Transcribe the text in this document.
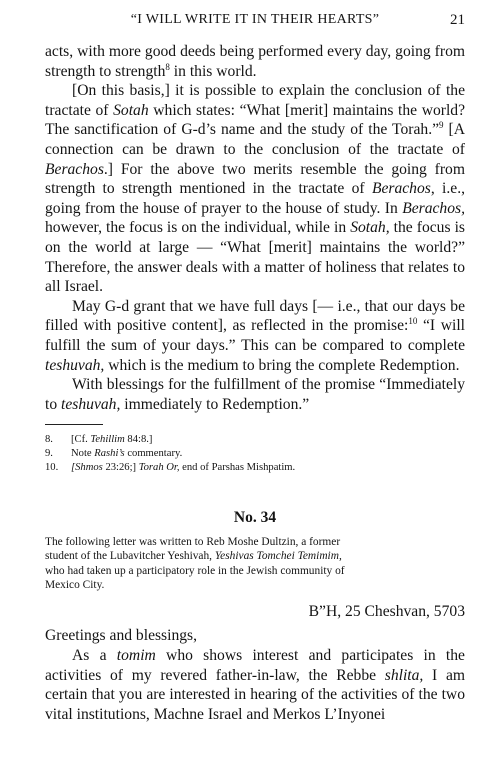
“I WILL WRITE IT IN THEIR HEARTS”	21

acts, with more good deeds being performed every day, going from strength to strength$^8$ in this world.

[On this basis,] it is possible to explain the conclusion of the tractate of Sotah which states: “What [merit] maintains the world? The sanctification of G-d’s name and the study of the Torah.”$^9$ [A connection can be drawn to the conclusion of the tractate of Berachos.] For the above two merits resemble the going from strength to strength mentioned in the tractate of Berachos, i.e., going from the house of prayer to the house of study. In Berachos, however, the focus is on the individual, while in Sotah, the focus is on the world at large — “What [merit] maintains the world?” Therefore, the answer deals with a matter of holiness that relates to all Israel.

May G-d grant that we have full days [— i.e., that our days be filled with positive content], as reflected in the promise:$^{10}$ “I will fulfill the sum of your days.” This can be compared to complete teshuvah, which is the medium to bring the complete Redemption.

With blessings for the fulfillment of the promise “Immediately to teshuvah, immediately to Redemption.”

8.	[Cf. Tehillim 84:8.]
9.	Note Rashi’s commentary.
10.	[Shmos 23:26;] Torah Or, end of Parshas Mishpatim.
No. 34

The following letter was written to Reb Moshe Dultzin, a former student of the Lubavitcher Yeshivah, Yeshivas Tomchei Temimim, who had taken up a participatory role in the Jewish community of Mexico City.

B”H, 25 Cheshvan, 5703
Greetings and blessings,

As a tomim who shows interest and participates in the activities of my revered father-in-law, the Rebbe shlita, I am certain that you are interested in hearing of the activities of the two vital institutions, Machne Israel and Merkos L’Inyonei
